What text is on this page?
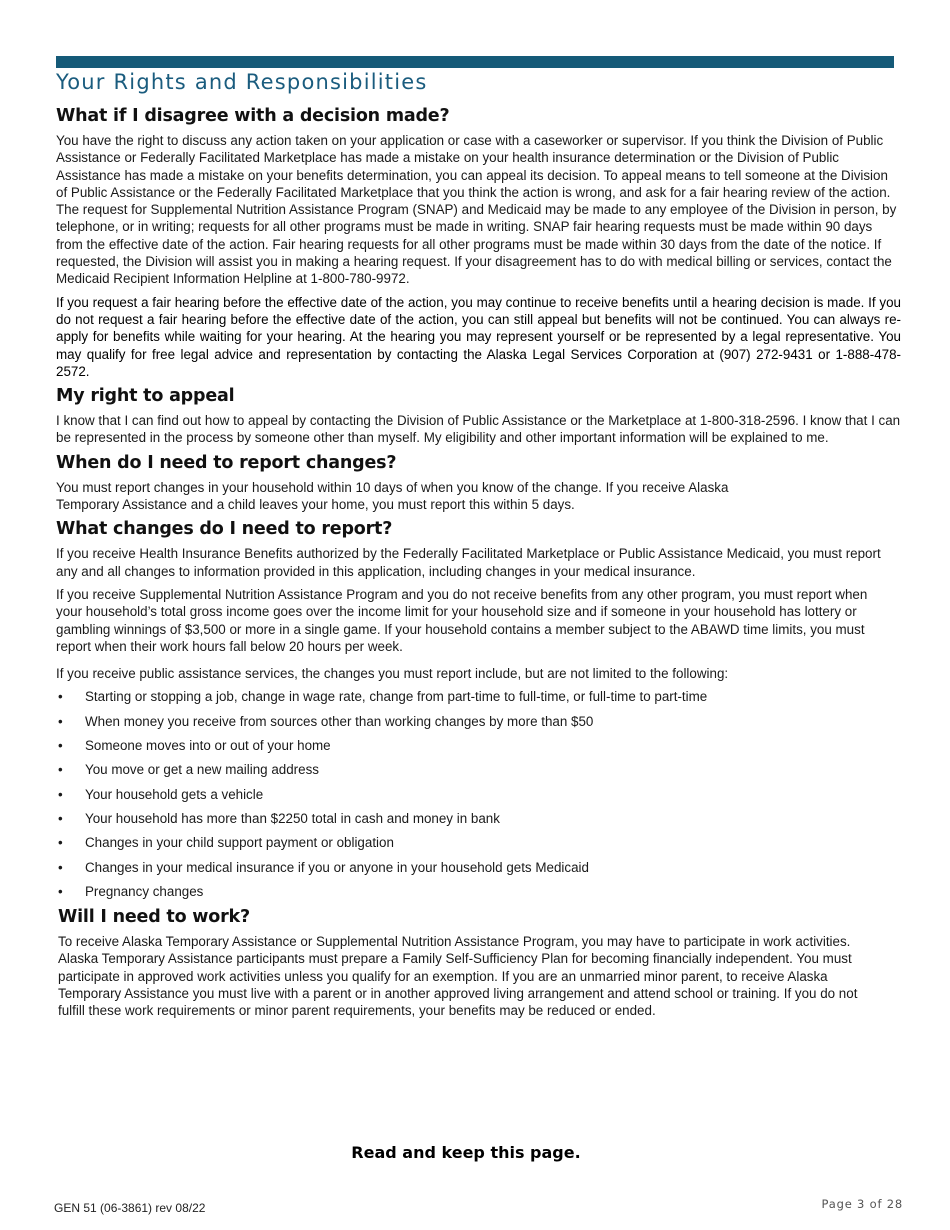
Your Rights and Responsibilities
What if I disagree with a decision made?

You have the right to discuss any action taken on your application or case with a caseworker or supervisor. If you think the Division of Public Assistance or Federally Facilitated Marketplace has made a mistake on your health insurance determination or the Division of Public Assistance has made a mistake on your benefits determination, you can appeal its decision. To appeal means to tell someone at the Division of Public Assistance or the Federally Facilitated Marketplace that you think the action is wrong, and ask for a fair hearing review of the action. The request for Supplemental Nutrition Assistance Program (SNAP) and Medicaid may be made to any employee of the Division in person, by telephone, or in writing; requests for all other programs must be made in writing. SNAP fair hearing requests must be made within 90 days from the effective date of the action. Fair hearing requests for all other programs must be made within 30 days from the date of the notice. If requested, the Division will assist you in making a hearing request. If your disagreement has to do with medical billing or services, contact the Medicaid Recipient Information Helpline at 1-800-780-9972.

If you request a fair hearing before the effective date of the action, you may continue to receive benefits until a hearing decision is made. If you do not request a fair hearing before the effective date of the action, you can still appeal but benefits will not be continued. You can always re-apply for benefits while waiting for your hearing. At the hearing you may represent yourself or be represented by a legal representative. You may qualify for free legal advice and representation by contacting the Alaska Legal Services Corporation at (907) 272-9431 or 1-888-478-2572.

My right to appeal

I know that I can find out how to appeal by contacting the Division of Public Assistance or the Marketplace at 1-800-318-2596. I know that I can be represented in the process by someone other than myself. My eligibility and other important information will be explained to me.

When do I need to report changes?

You must report changes in your household within 10 days of when you know of the change. If you receive Alaska Temporary Assistance and a child leaves your home, you must report this within 5 days.

What changes do I need to report?

If you receive Health Insurance Benefits authorized by the Federally Facilitated Marketplace or Public Assistance Medicaid, you must report any and all changes to information provided in this application, including changes in your medical insurance.

If you receive Supplemental Nutrition Assistance Program and you do not receive benefits from any other program, you must report when your household’s total gross income goes over the income limit for your household size and if someone in your household has lottery or gambling winnings of $3,500 or more in a single game. If your household contains a member subject to the ABAWD time limits, you must report when their work hours fall below 20 hours per week.

If you receive public assistance services, the changes you must report include, but are not limited to the following:

• Starting or stopping a job, change in wage rate, change from part-time to full-time, or full-time to part-time
• When money you receive from sources other than working changes by more than $50
• Someone moves into or out of your home
• You move or get a new mailing address
• Your household gets a vehicle
• Your household has more than $2250 total in cash and money in bank
• Changes in your child support payment or obligation
• Changes in your medical insurance if you or anyone in your household gets Medicaid
• Pregnancy changes
Will I need to work?

To receive Alaska Temporary Assistance or Supplemental Nutrition Assistance Program, you may have to participate in work activities. Alaska Temporary Assistance participants must prepare a Family Self-Sufficiency Plan for becoming financially independent. You must participate in approved work activities unless you qualify for an exemption. If you are an unmarried minor parent, to receive Alaska Temporary Assistance you must live with a parent or in another approved living arrangement and attend school or training. If you do not fulfill these work requirements or minor parent requirements, your benefits may be reduced or ended.

Read and keep this page.
GEN 51 (06-3861) rev 08/22	Page 3 of 28
